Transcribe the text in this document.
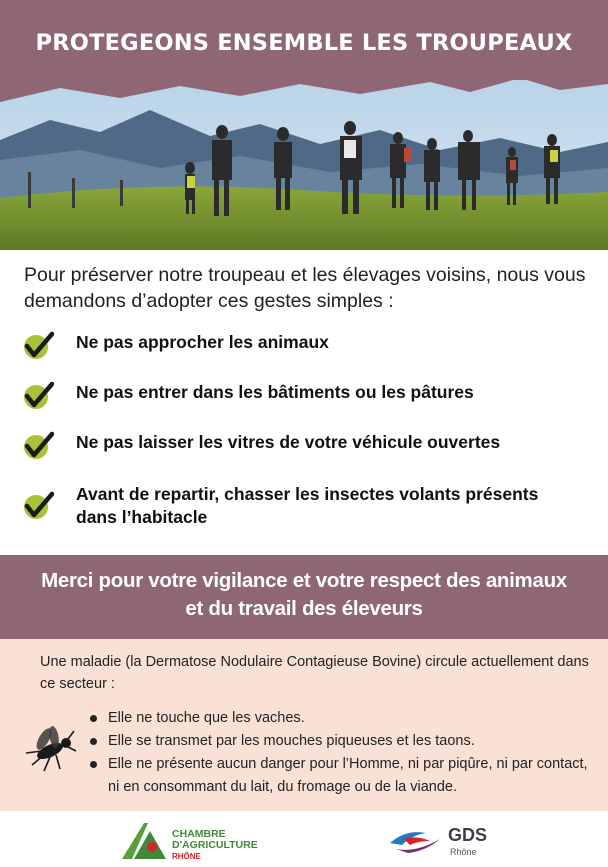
PROTEGEONS ENSEMBLE LES TROUPEAUX
Pour préserver notre troupeau et les élevages voisins, nous vous demandons d’adopter ces gestes simples :
Ne pas approcher les animaux
Ne pas entrer dans les bâtiments ou les pâtures
Ne pas laisser les vitres de votre véhicule ouvertes
Avant de repartir, chasser les insectes volants présents dans l’habitacle
Merci pour votre vigilance et votre respect des animaux
et du travail des éleveurs
Une maladie (la Dermatose Nodulaire Contagieuse Bovine) circule actuellement dans ce secteur :
Elle ne touche que les vaches.
Elle se transmet par les mouches piqueuses et les taons.
Elle ne présente aucun danger pour l’Homme, ni par piqûre, ni par contact, ni en consommant du lait, du fromage ou de la viande.
CHAMBRE
D'AGRICULTURE
RHÔNE
GDS
Rhône
